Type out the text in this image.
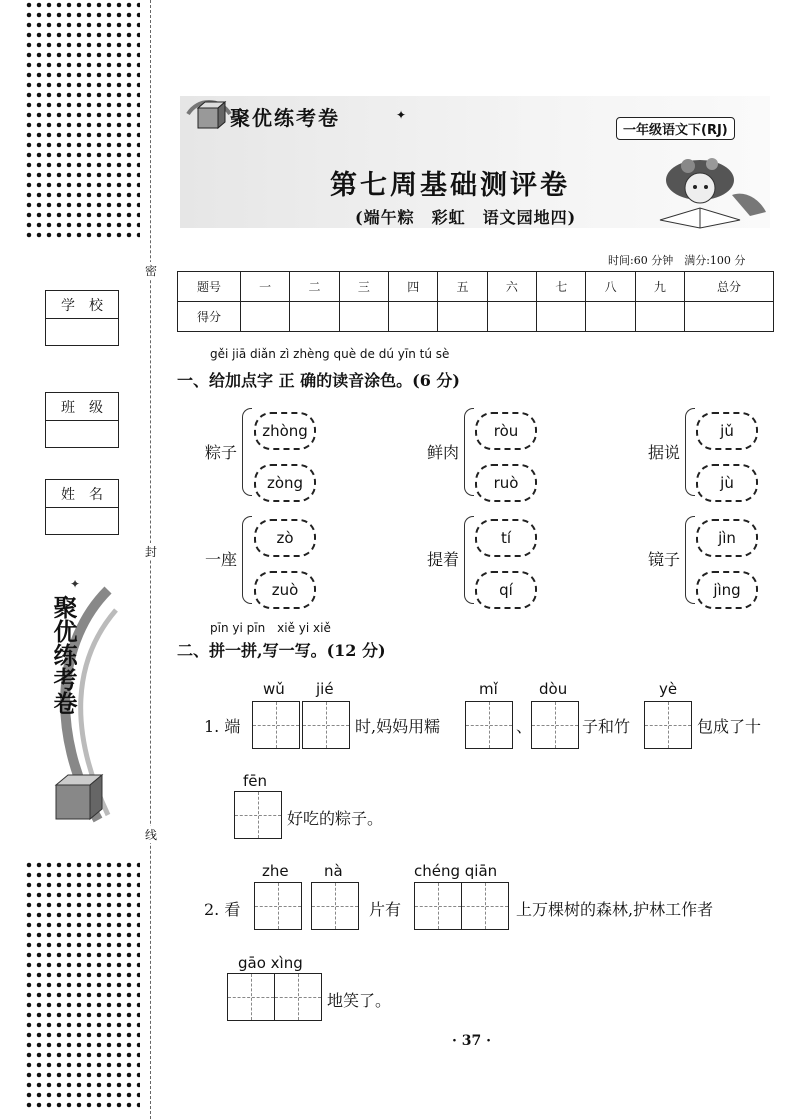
密
封
线
学　校
班　级
姓　名
✦
聚优练考卷
聚优练考卷	✦
一年级语文下(RJ)
第七周基础测评卷
(端午粽　彩虹　语文园地四)
时间:60 分钟　满分:100 分
题号	一	二	三	四	五	六	七	八	九	总分
得分										
gěi jiā diǎn zì zhèng què de dú yīn tú sè
一、给加点字 正 确的读音涂色。(6 分)
粽子
zhòng
zòng
鲜肉
ròu
ruò
据说
jǔ
jù
一座
zò
zuò
提着
tí
qí
镜子
jìn
jìng
pīn yi pīn　xiě yi xiě
二、拼一拼,写一写。(12 分)
wǔ jié	mǐ	dòu	yè
1. 端	时,妈妈用糯	、	子和竹	包成了十
fēn
好吃的粽子。
zhe nà	chéng qiān
2. 看	片有	上万棵树的森林,护林工作者
gāo xìng
地笑了。
· 37 ·
